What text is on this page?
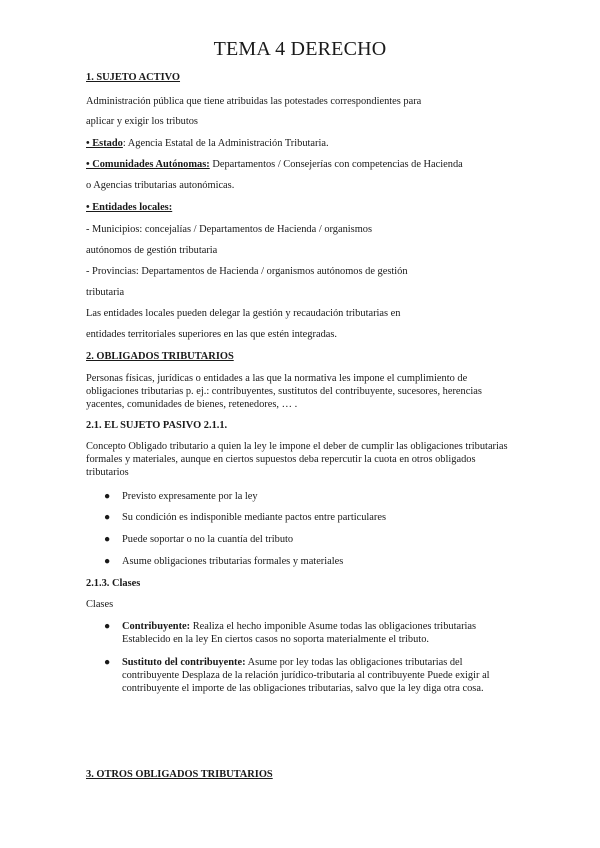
TEMA 4 DERECHO
1. SUJETO ACTIVO
Administración pública que tiene atribuidas las potestades correspondientes para
aplicar y exigir los tributos
• Estado: Agencia Estatal de la Administración Tributaria.
• Comunidades Autónomas: Departamentos / Consejerías con competencias de Hacienda
o Agencias tributarias autonómicas.
• Entidades locales:
- Municipios: concejalías / Departamentos de Hacienda / organismos
autónomos de gestión tributaria
- Provincias: Departamentos de Hacienda / organismos autónomos de gestión
tributaria
Las entidades locales pueden delegar la gestión y recaudación tributarias en
entidades territoriales superiores en las que estén integradas.
2. OBLIGADOS TRIBUTARIOS
Personas físicas, jurídicas o entidades a las que la normativa les impone el cumplimiento de obligaciones tributarias p. ej.: contribuyentes, sustitutos del contribuyente, sucesores, herencias yacentes, comunidades de bienes, retenedores, … .
2.1. EL SUJETO PASIVO 2.1.1.
Concepto Obligado tributario a quien la ley le impone el deber de cumplir las obligaciones tributarias formales y materiales, aunque en ciertos supuestos deba repercutir la cuota en otros obligados tributarios
● Previsto expresamente por la ley
● Su condición es indisponible mediante pactos entre particulares
● Puede soportar o no la cuantía del tributo
● Asume obligaciones tributarias formales y materiales
2.1.3. Clases
Clases
● Contribuyente: Realiza el hecho imponible Asume todas las obligaciones tributarias Establecido en la ley En ciertos casos no soporta materialmente el tributo.
● Sustituto del contribuyente: Asume por ley todas las obligaciones tributarias del contribuyente Desplaza de la relación jurídico-tributaria al contribuyente Puede exigir al contribuyente el importe de las obligaciones tributarias, salvo que la ley diga otra cosa.
3. OTROS OBLIGADOS TRIBUTARIOS
